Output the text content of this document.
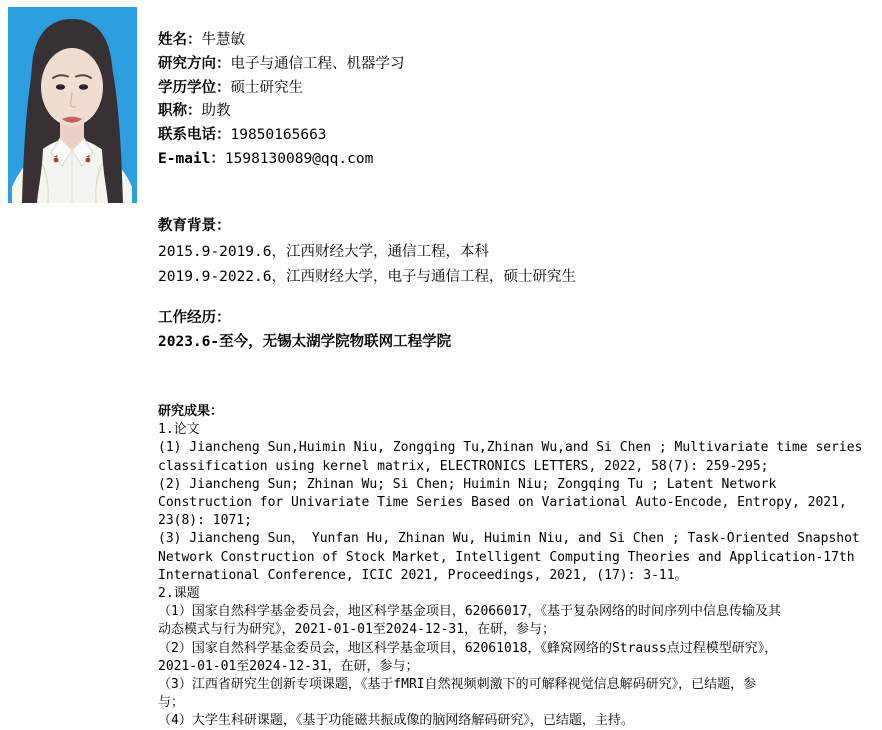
姓名：牛慧敏
研究方向：电子与通信工程、机器学习
学历学位：硕士研究生
职称：助教
联系电话：19850165663
E-mail：1598130089@qq.com
教育背景：
2015.9-2019.6，江西财经大学，通信工程，本科
2019.9-2022.6，江西财经大学，电子与通信工程，硕士研究生
工作经历：
2023.6-至今，无锡太湖学院物联网工程学院
研究成果：
1.论文
(1) Jiancheng Sun,Huimin Niu, Zongqing Tu,Zhinan Wu,and Si Chen ; Multivariate time series
classification using kernel matrix, ELECTRONICS LETTERS, 2022, 58(7): 259-295;
(2) Jiancheng Sun; Zhinan Wu; Si Chen; Huimin Niu; Zongqing Tu ; Latent Network
Construction for Univariate Time Series Based on Variational Auto-Encode, Entropy, 2021,
23(8): 1071;
(3) Jiancheng Sun， Yunfan Hu, Zhinan Wu, Huimin Niu, and Si Chen ; Task-Oriented Snapshot
Network Construction of Stock Market, Intelligent Computing Theories and Application-17th
International Conference, ICIC 2021, Proceedings, 2021, (17): 3-11。
2.课题
（1）国家自然科学基金委员会，地区科学基金项目，62066017，《基于复杂网络的时间序列中信息传输及其
动态模式与行为研究》，2021-01-01至2024-12-31，在研，参与；
（2）国家自然科学基金委员会，地区科学基金项目，62061018，《蜂窝网络的Strauss点过程模型研究》，
2021-01-01至2024-12-31，在研，参与；
（3）江西省研究生创新专项课题，《基于fMRI自然视频刺激下的可解释视觉信息解码研究》，已结题，参
与；
（4）大学生科研课题，《基于功能磁共振成像的脑网络解码研究》，已结题，主持。
